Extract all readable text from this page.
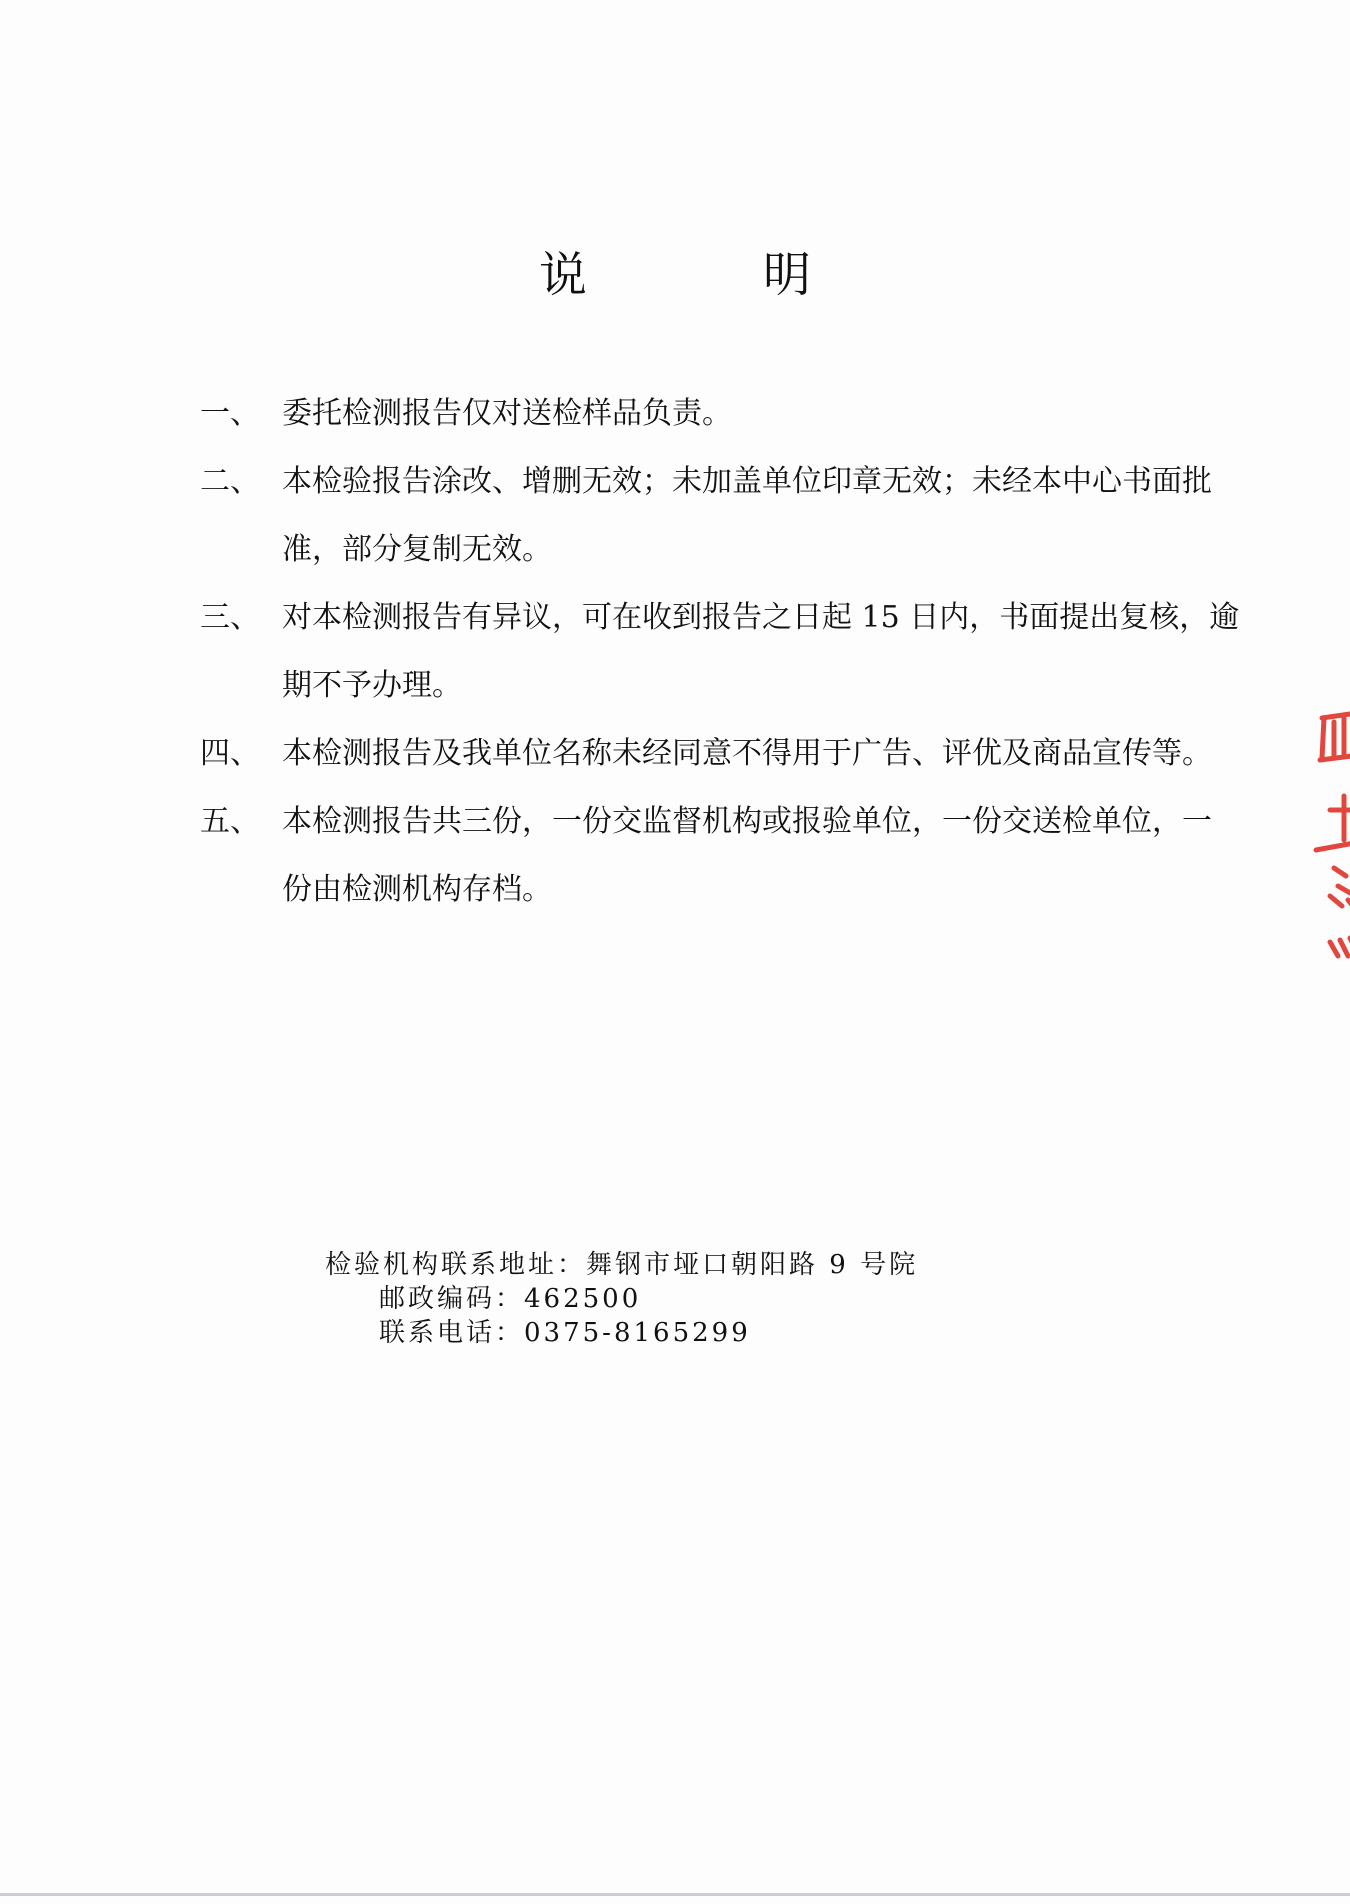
说	明

一、 委托检测报告仅对送检样品负责。

二、 本检验报告涂改、增删无效；未加盖单位印章无效；未经本中心书面批准，部分复制无效。

三、 对本检测报告有异议，可在收到报告之日起 15 日内，书面提出复核，逾期不予办理。

四、 本检测报告及我单位名称未经同意不得用于广告、评优及商品宣传等。

五、 本检测报告共三份，一份交监督机构或报验单位，一份交送检单位，一份由检测机构存档。

检验机构联系地址：舞钢市垭口朝阳路 9 号院
邮政编码：462500
联系电话：0375-8165299
